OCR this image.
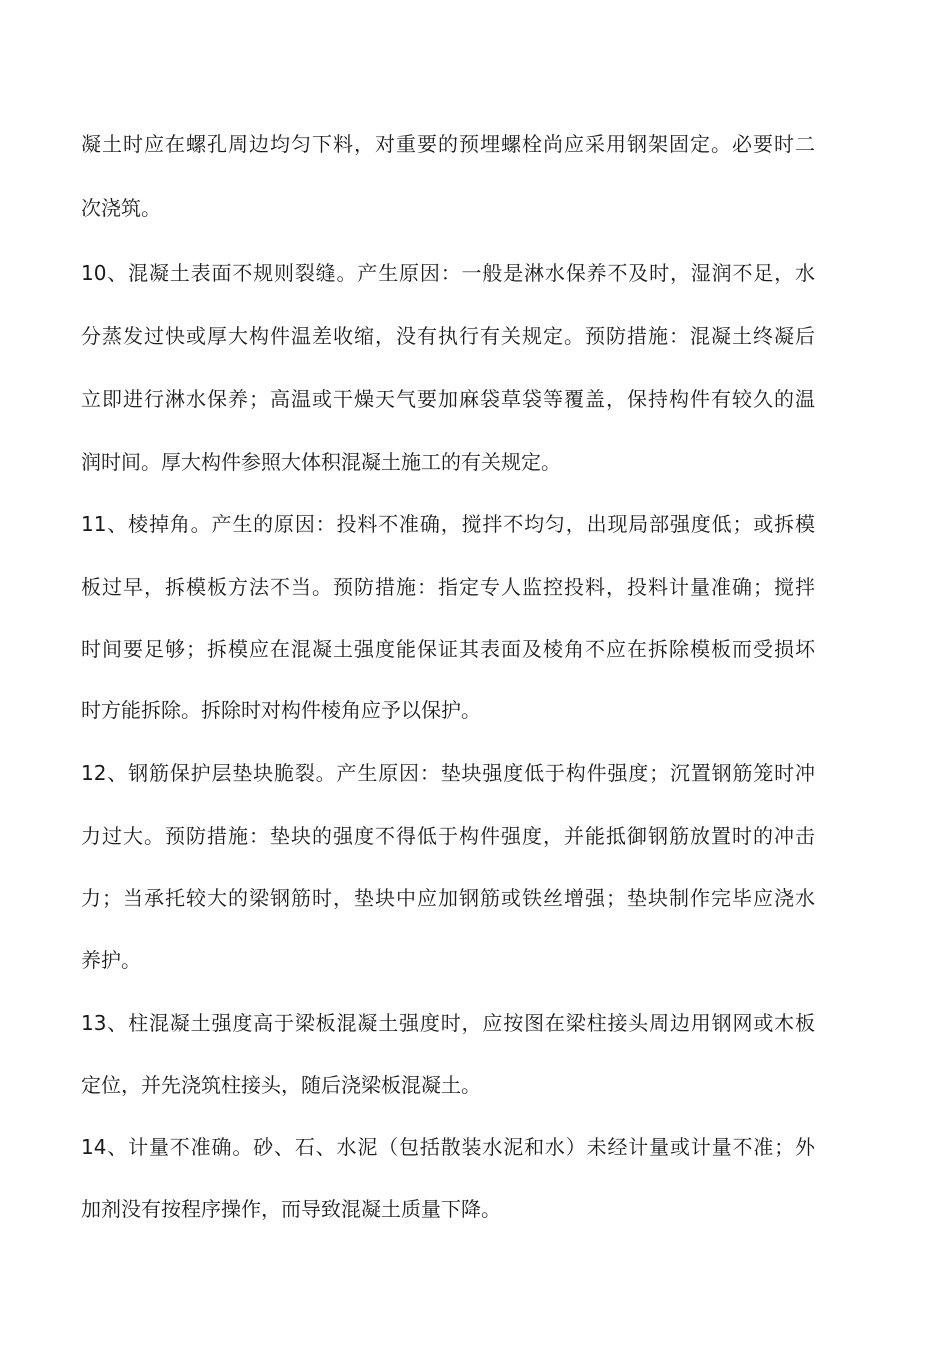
凝土时应在螺孔周边均匀下料，对重要的预埋螺栓尚应采用钢架固定。必要时二
次浇筑。
10、混凝土表面不规则裂缝。产生原因：一般是淋水保养不及时，湿润不足，水
分蒸发过快或厚大构件温差收缩，没有执行有关规定。预防措施：混凝土终凝后
立即进行淋水保养；高温或干燥天气要加麻袋草袋等覆盖，保持构件有较久的温
润时间。厚大构件参照大体积混凝土施工的有关规定。
11、棱掉角。产生的原因：投料不准确，搅拌不均匀，出现局部强度低；或拆模
板过早，拆模板方法不当。预防措施：指定专人监控投料，投料计量准确；搅拌
时间要足够；拆模应在混凝土强度能保证其表面及棱角不应在拆除模板而受损坏
时方能拆除。拆除时对构件棱角应予以保护。
12、钢筋保护层垫块脆裂。产生原因：垫块强度低于构件强度；沉置钢筋笼时冲
力过大。预防措施：垫块的强度不得低于构件强度，并能抵御钢筋放置时的冲击
力；当承托较大的梁钢筋时，垫块中应加钢筋或铁丝增强；垫块制作完毕应浇水
养护。
13、柱混凝土强度高于梁板混凝土强度时，应按图在梁柱接头周边用钢网或木板
定位，并先浇筑柱接头，随后浇梁板混凝土。
14、计量不准确。砂、石、水泥（包括散装水泥和水）未经计量或计量不准；外
加剂没有按程序操作，而导致混凝土质量下降。
